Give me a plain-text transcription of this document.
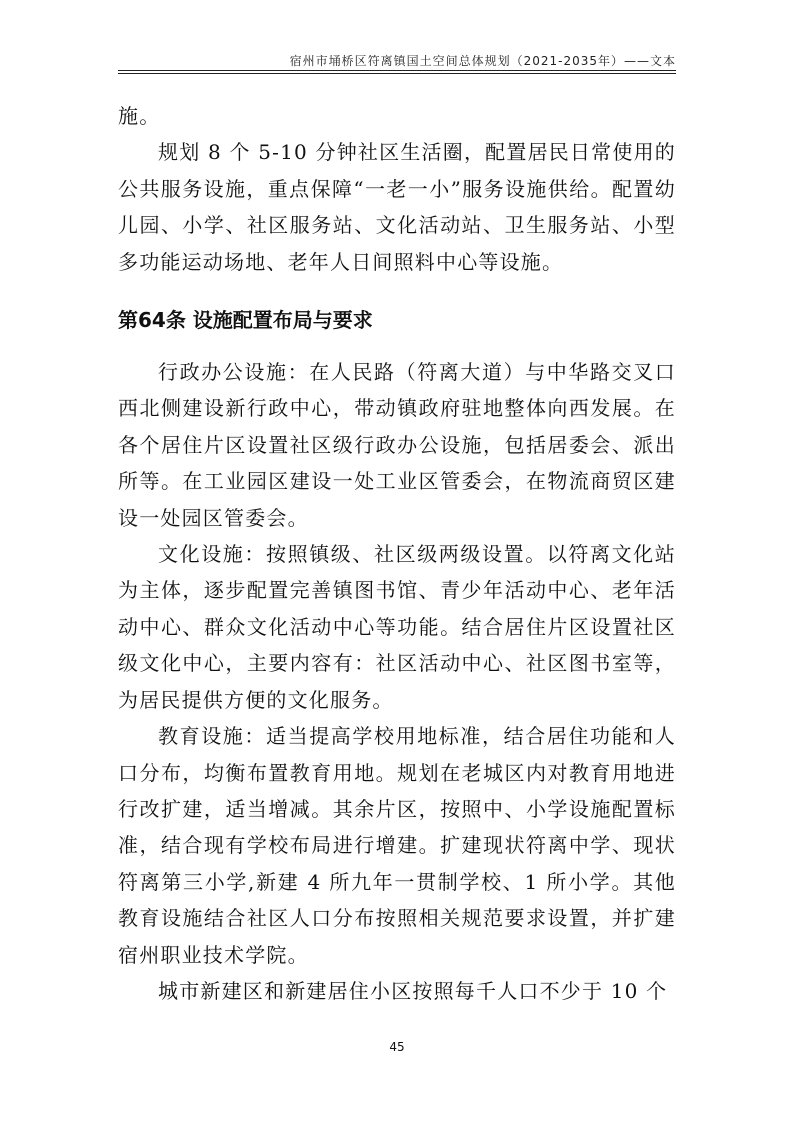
宿州市埇桥区符离镇国土空间总体规划（2021-2035年）——文本

施。

规划 8 个 5-10 分钟社区生活圈，配置居民日常使用的公共服务设施，重点保障“一老一小”服务设施供给。配置幼儿园、小学、社区服务站、文化活动站、卫生服务站、小型多功能运动场地、老年人日间照料中心等设施。

第64条 设施配置布局与要求

行政办公设施：在人民路（符离大道）与中华路交叉口西北侧建设新行政中心，带动镇政府驻地整体向西发展。在各个居住片区设置社区级行政办公设施，包括居委会、派出所等。在工业园区建设一处工业区管委会，在物流商贸区建设一处园区管委会。

文化设施：按照镇级、社区级两级设置。以符离文化站为主体，逐步配置完善镇图书馆、青少年活动中心、老年活动中心、群众文化活动中心等功能。结合居住片区设置社区级文化中心，主要内容有：社区活动中心、社区图书室等，为居民提供方便的文化服务。

教育设施：适当提高学校用地标准，结合居住功能和人口分布，均衡布置教育用地。规划在老城区内对教育用地进行改扩建，适当增减。其余片区，按照中、小学设施配置标准，结合现有学校布局进行增建。扩建现状符离中学、现状符离第三小学,新建 4 所九年一贯制学校、1 所小学。其他教育设施结合社区人口分布按照相关规范要求设置，并扩建宿州职业技术学院。

城市新建区和新建居住小区按照每千人口不少于 10 个

45
